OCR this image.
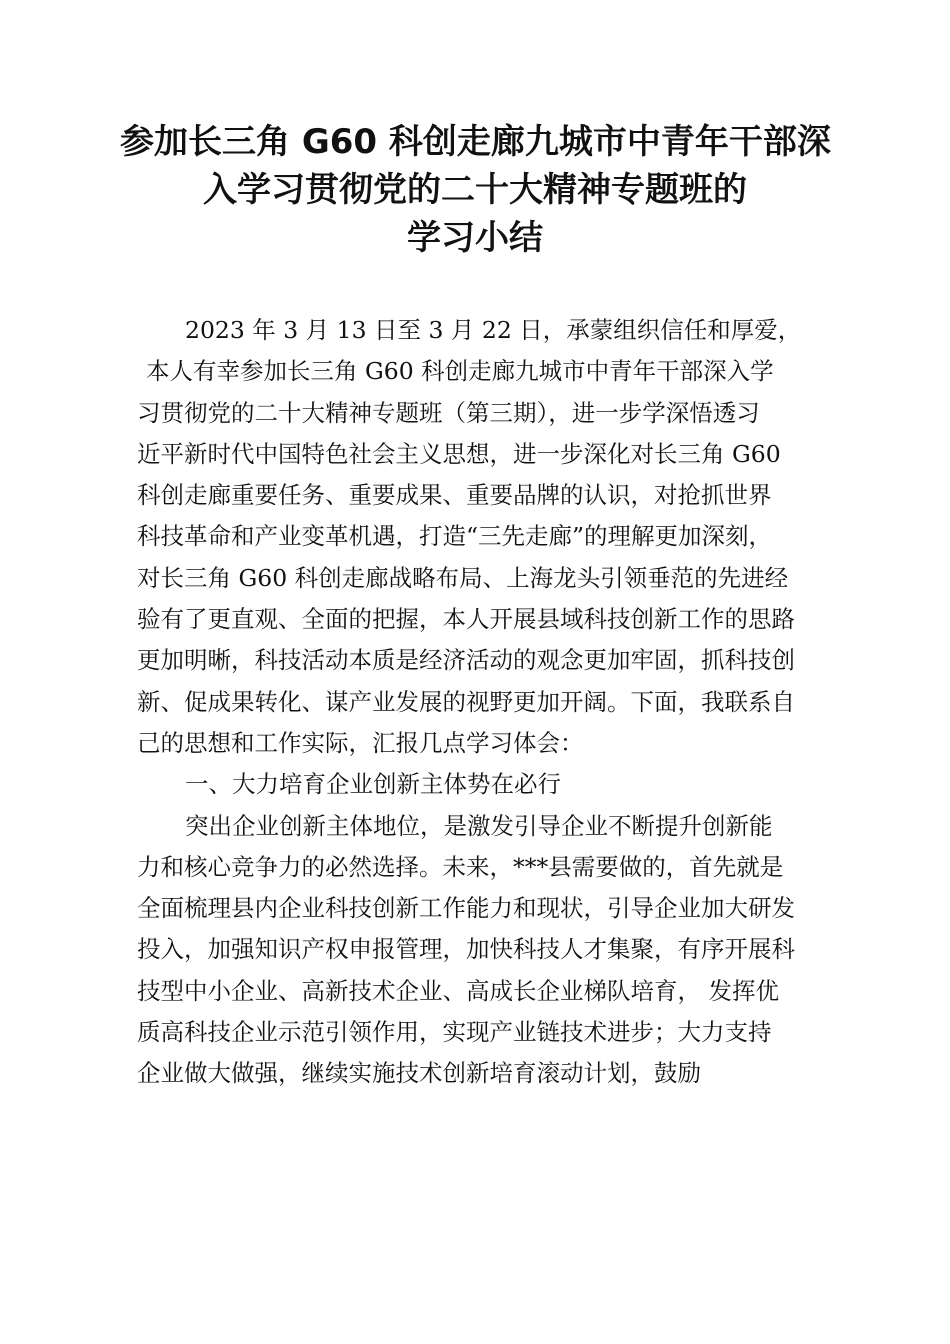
参加长三角 G60 科创走廊九城市中青年干部深
入学习贯彻党的二十大精神专题班的
学习小结
2023 年 3 月 13 日至 3 月 22 日，承蒙组织信任和厚爱，
本人有幸参加长三角 G60 科创走廊九城市中青年干部深入学
习贯彻党的二十大精神专题班（第三期），进一步学深悟透习
近平新时代中国特色社会主义思想，进一步深化对长三角 G60
科创走廊重要任务、重要成果、重要品牌的认识，对抢抓世界
科技革命和产业变革机遇，打造“三先走廊”的理解更加深刻，
对长三角 G60 科创走廊战略布局、上海龙头引领垂范的先进经
验有了更直观、全面的把握，本人开展县域科技创新工作的思路
更加明晰，科技活动本质是经济活动的观念更加牢固，抓科技创
新、促成果转化、谋产业发展的视野更加开阔。下面，我联系自
己的思想和工作实际，汇报几点学习体会：
一、大力培育企业创新主体势在必行
突出企业创新主体地位，是激发引导企业不断提升创新能
力和核心竞争力的必然选择。未来，***县需要做的，首先就是
全面梳理县内企业科技创新工作能力和现状，引导企业加大研发
投入，加强知识产权申报管理，加快科技人才集聚，有序开展科
技型中小企业、高新技术企业、高成长企业梯队培育， 发挥优
质高科技企业示范引领作用，实现产业链技术进步；大力支持
企业做大做强，继续实施技术创新培育滚动计划，鼓励
